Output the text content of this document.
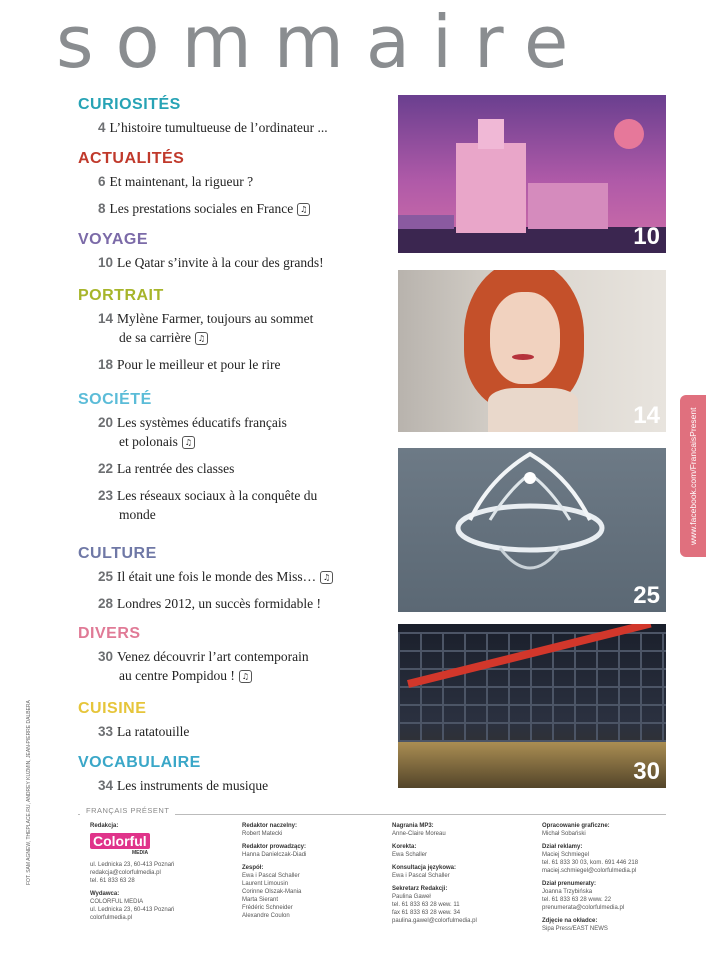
sommaire
CURIOSITÉS
4 L’histoire tumultueuse de l’ordinateur ...
ACTUALITÉS
6 Et maintenant, la rigueur ?
8 Les prestations sociales en France ♫
VOYAGE
10 Le Qatar s’invite à la cour des grands!
PORTRAIT
14 Mylène Farmer, toujours au sommet
de sa carrière ♫
18 Pour le meilleur et pour le rire
SOCIÉTÉ
20 Les systèmes éducatifs français
et polonais ♫
22 La rentrée des classes
23 Les réseaux sociaux à la conquête du
monde
CULTURE
25 Il était une fois le monde des Miss… ♫
28 Londres 2012, un succès formidable !
DIVERS
30 Venez découvrir l’art contemporain
au centre Pompidou ! ♫
CUISINE
33 La ratatouille
VOCABULAIRE
34 Les instruments de musique
10
14
25
30
www.facebook.com/FrancaisPresent
FOT. SAM AGNEW, THEPLACE.RU, ANDREY KUZMIN, JEAN-PIERRE DALBERA	FRANÇAIS PRÉSENT
Redakcja:
Colorful
MEDIA
ul. Lednicka 23, 60-413 Poznań
redakcja@colorfulmedia.pl
tel. 61 833 63 28
Wydawca:
COLORFUL MEDIA
ul. Lednicka 23, 60-413 Poznań
colorfulmedia.pl
Redaktor naczelny:
Robert Matecki
Redaktor prowadzący:
Hanna Danielczak-Diadi
Zespół:
Ewa i Pascal Schaller
Laurent Limousin
Corinne Olszak-Mania
Marta Sierant
Frédéric Schneider
Alexandre Coulon
Nagrania MP3:
Anne-Claire Moreau
Korekta:
Ewa Schaller
Konsultacja językowa:
Ewa i Pascal Schaller
Sekretarz Redakcji:
Paulina Gaweł
tel. 61 833 63 28 wew. 11
fax 61 833 63 28 wew. 34
paulina.gawel@colorfulmedia.pl
Opracowanie graficzne:
Michał Sobański
Dział reklamy:
Maciej Schmiegel
tel. 61 833 30 03, kom. 691 446 218
maciej.schmiegel@colorfulmedia.pl
Dział prenumeraty:
Joanna Trzybińska
tel. 61 833 63 28 www. 22
prenumerata@colorfulmedia.pl
Zdjęcie na okładce:
Sipa Press/EAST NEWS
